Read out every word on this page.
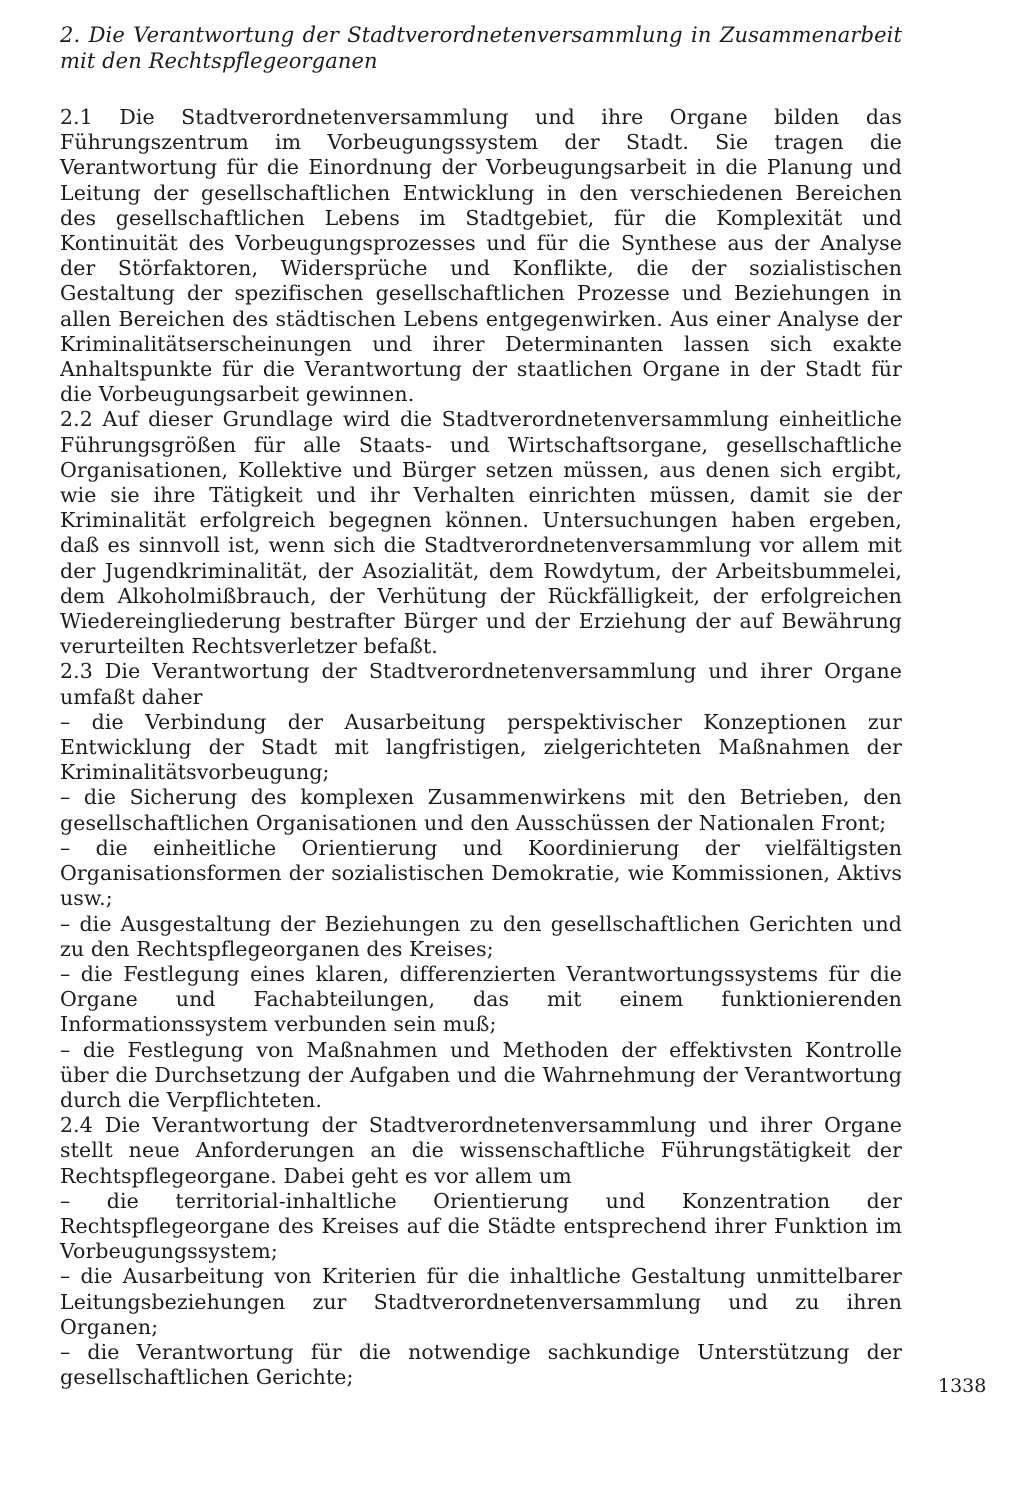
2. Die Verantwortung der Stadtverordnetenversammlung in Zusammenarbeit mit den Rechtspflegeorganen

2.1 Die Stadtverordnetenversammlung und ihre Organe bilden das Führungszentrum im Vorbeugungssystem der Stadt. Sie tragen die Verantwortung für die Einordnung der Vorbeugungsarbeit in die Planung und Leitung der gesellschaftlichen Entwicklung in den verschiedenen Bereichen des gesellschaftlichen Lebens im Stadtgebiet, für die Komplexität und Kontinuität des Vorbeugungsprozesses und für die Synthese aus der Analyse der Störfaktoren, Widersprüche und Konflikte, die der sozialistischen Gestaltung der spezifischen gesellschaftlichen Prozesse und Beziehungen in allen Bereichen des städtischen Lebens entgegenwirken. Aus einer Analyse der Kriminalitätserscheinungen und ihrer Determinanten lassen sich exakte Anhaltspunkte für die Verantwortung der staatlichen Organe in der Stadt für die Vorbeugungsarbeit gewinnen.

2.2 Auf dieser Grundlage wird die Stadtverordnetenversammlung einheitliche Führungsgrößen für alle Staats- und Wirtschaftsorgane, gesellschaftliche Organisationen, Kollektive und Bürger setzen müssen, aus denen sich ergibt, wie sie ihre Tätigkeit und ihr Verhalten einrichten müssen, damit sie der Kriminalität erfolgreich begegnen können. Untersuchungen haben ergeben, daß es sinnvoll ist, wenn sich die Stadtverordnetenversammlung vor allem mit der Jugendkriminalität, der Asozialität, dem Rowdytum, der Arbeitsbummelei, dem Alkoholmißbrauch, der Verhütung der Rückfälligkeit, der erfolgreichen Wiedereingliederung bestrafter Bürger und der Erziehung der auf Bewährung verurteilten Rechtsverletzer befaßt.

2.3 Die Verantwortung der Stadtverordnetenversammlung und ihrer Organe umfaßt daher

– die Verbindung der Ausarbeitung perspektivischer Konzeptionen zur Entwicklung der Stadt mit langfristigen, zielgerichteten Maßnahmen der Kriminalitätsvorbeugung;

– die Sicherung des komplexen Zusammenwirkens mit den Betrieben, den gesellschaftlichen Organisationen und den Ausschüssen der Nationalen Front;

– die einheitliche Orientierung und Koordinierung der vielfältigsten Organisationsformen der sozialistischen Demokratie, wie Kommissionen, Aktivs usw.;

– die Ausgestaltung der Beziehungen zu den gesellschaftlichen Gerichten und zu den Rechtspflegeorganen des Kreises;

– die Festlegung eines klaren, differenzierten Verantwortungssystems für die Organe und Fachabteilungen, das mit einem funktionierenden Informationssystem verbunden sein muß;

– die Festlegung von Maßnahmen und Methoden der effektivsten Kontrolle über die Durchsetzung der Aufgaben und die Wahrnehmung der Verantwortung durch die Verpflichteten.

2.4 Die Verantwortung der Stadtverordnetenversammlung und ihrer Organe stellt neue Anforderungen an die wissenschaftliche Führungstätigkeit der Rechtspflegeorgane. Dabei geht es vor allem um

– die territorial-inhaltliche Orientierung und Konzentration der Rechtspflegeorgane des Kreises auf die Städte entsprechend ihrer Funktion im Vorbeugungssystem;

– die Ausarbeitung von Kriterien für die inhaltliche Gestaltung unmittelbarer Leitungsbeziehungen zur Stadtverordnetenversammlung und zu ihren Organen;

– die Verantwortung für die notwendige sachkundige Unterstützung der gesellschaftlichen Gerichte;	1338
